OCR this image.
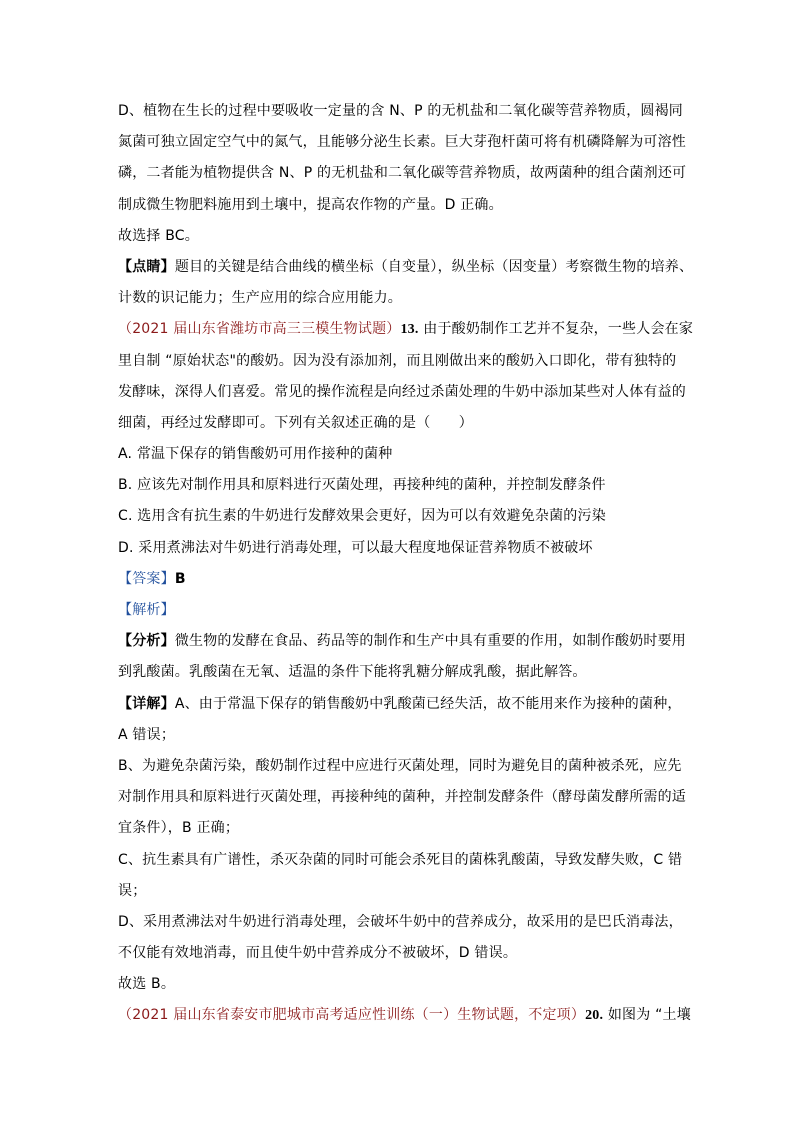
D、植物在生长的过程中要吸收一定量的含 N、P 的无机盐和二氧化碳等营养物质，圆褐同
氮菌可独立固定空气中的氮气，且能够分泌生长素。巨大芽孢杆菌可将有机磷降解为可溶性
磷，二者能为植物提供含 N、P 的无机盐和二氧化碳等营养物质，故两菌种的组合菌剂还可
制成微生物肥料施用到土壤中，提高农作物的产量。D 正确。
故选择 BC。
【点睛】题目的关键是结合曲线的横坐标（自变量），纵坐标（因变量）考察微生物的培养、
计数的识记能力；生产应用的综合应用能力。
（2021 届山东省潍坊市高三三模生物试题）13. 由于酸奶制作工艺并不复杂，一些人会在家
里自制 “原始状态"的酸奶。因为没有添加剂，而且刚做出来的酸奶入口即化，带有独特的
发酵味，深得人们喜爱。常见的操作流程是向经过杀菌处理的牛奶中添加某些对人体有益的
细菌，再经过发酵即可。下列有关叙述正确的是（　　）
A. 常温下保存的销售酸奶可用作接种的菌种
B. 应该先对制作用具和原料进行灭菌处理，再接种纯的菌种，并控制发酵条件
C. 选用含有抗生素的牛奶进行发酵效果会更好，因为可以有效避免杂菌的污染
D. 采用煮沸法对牛奶进行消毒处理，可以最大程度地保证营养物质不被破坏
【答案】B
【解析】
【分析】微生物的发酵在食品、药品等的制作和生产中具有重要的作用，如制作酸奶时要用
到乳酸菌。乳酸菌在无氧、适温的条件下能将乳糖分解成乳酸，据此解答。
【详解】A、由于常温下保存的销售酸奶中乳酸菌已经失活，故不能用来作为接种的菌种，
A 错误；
B、为避免杂菌污染，酸奶制作过程中应进行灭菌处理，同时为避免目的菌种被杀死，应先
对制作用具和原料进行灭菌处理，再接种纯的菌种，并控制发酵条件（酵母菌发酵所需的适
宜条件），B 正确；
C、抗生素具有广谱性，杀灭杂菌的同时可能会杀死目的菌株乳酸菌，导致发酵失败，C 错
误；
D、采用煮沸法对牛奶进行消毒处理，会破坏牛奶中的营养成分，故采用的是巴氏消毒法，
不仅能有效地消毒，而且使牛奶中营养成分不被破坏，D 错误。
故选 B。
（2021 届山东省泰安市肥城市高考适应性训练（一）生物试题，不定项）20. 如图为 “土壤
